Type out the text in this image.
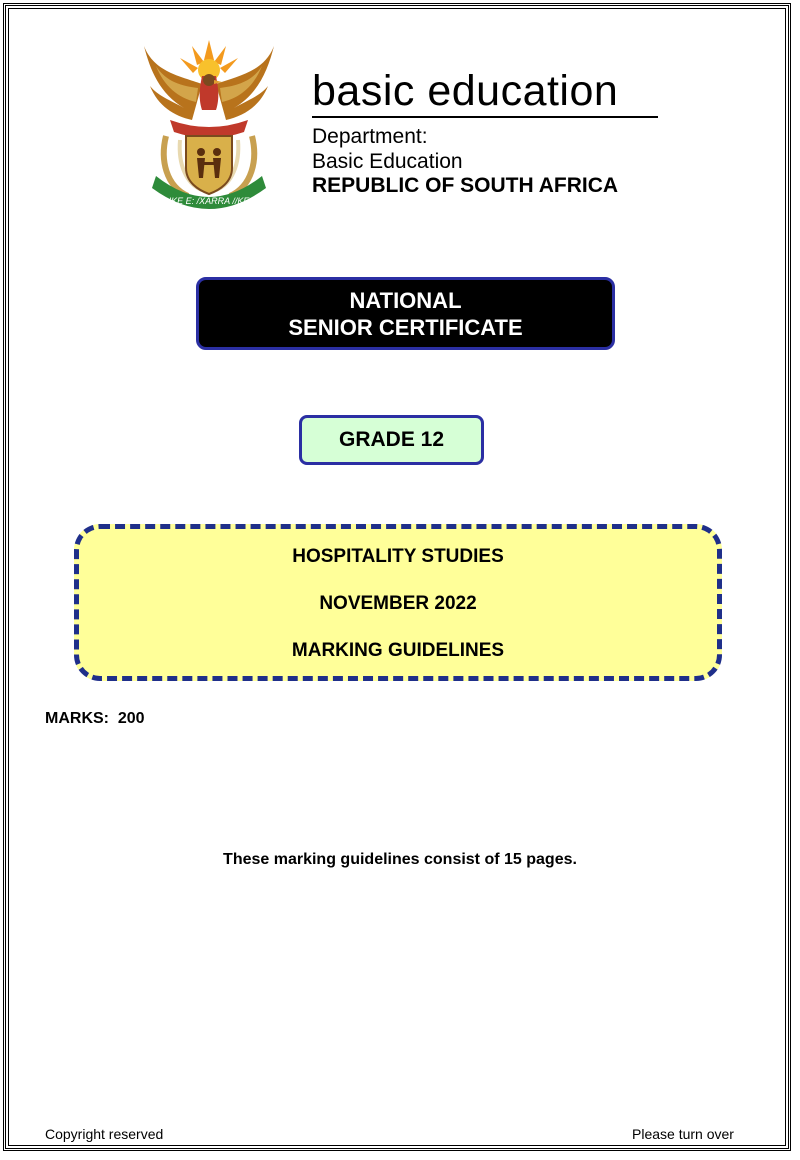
!KE E: /XARRA //KE
basic education
Department:
Basic Education
REPUBLIC OF SOUTH AFRICA
NATIONAL
SENIOR CERTIFICATE
GRADE 12
HOSPITALITY STUDIES
NOVEMBER 2022
MARKING GUIDELINES
MARKS:  200
These marking guidelines consist of 15 pages.
Copyright reserved	Please turn over
